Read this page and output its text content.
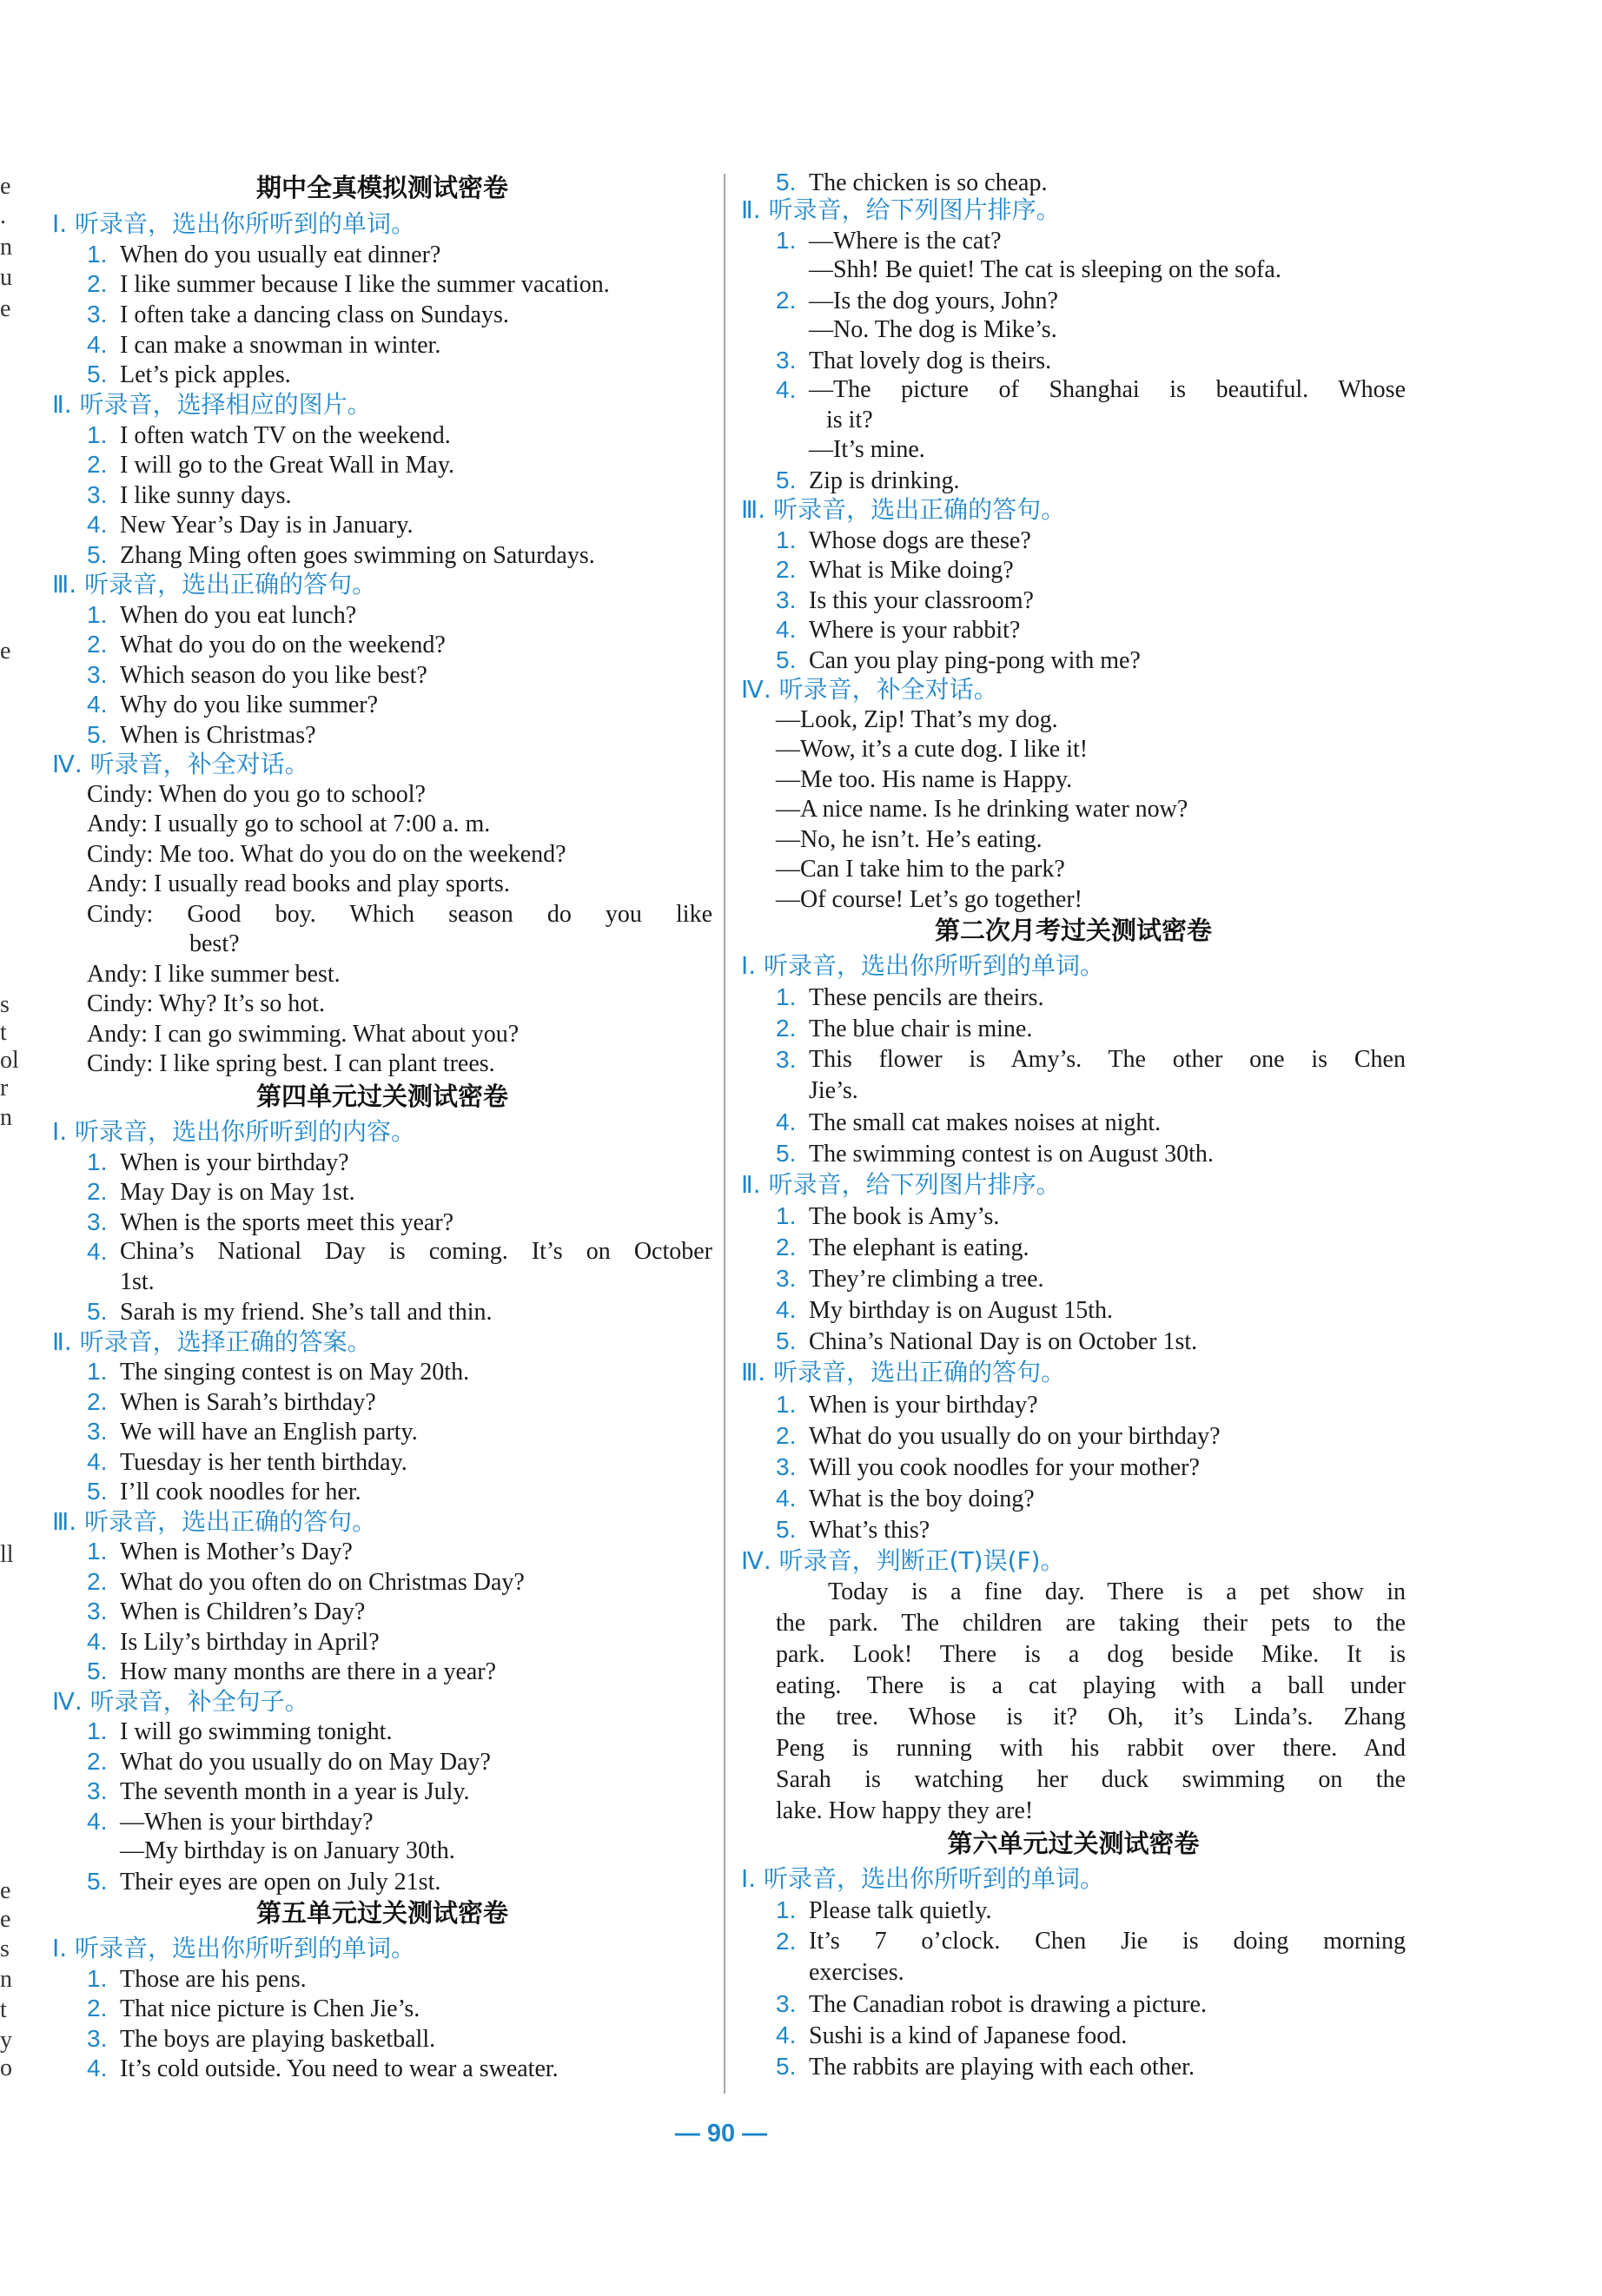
e
.
n
u
e
e
s
t
ol
r
n
ll
e
e
s
n
t
y
o
期中全真模拟测试密卷
Ⅰ. 听录音，选出你所听到的单词。
1. When do you usually eat dinner?
2. I like summer because I like the summer vacation.
3. I often take a dancing class on Sundays.
4. I can make a snowman in winter.
5. Let’s pick apples.
Ⅱ. 听录音，选择相应的图片。
1. I often watch TV on the weekend.
2. I will go to the Great Wall in May.
3. I like sunny days.
4. New Year’s Day is in January.
5. Zhang Ming often goes swimming on Saturdays.
Ⅲ. 听录音，选出正确的答句。
1. When do you eat lunch?
2. What do you do on the weekend?
3. Which season do you like best?
4. Why do you like summer?
5. When is Christmas?
Ⅳ. 听录音，补全对话。
Cindy: When do you go to school?
Andy: I usually go to school at 7:00 a. m.
Cindy: Me too. What do you do on the weekend?
Andy: I usually read books and play sports.
Cindy: Good boy. Which season do you like
best?
Andy: I like summer best.
Cindy: Why? It’s so hot.
Andy: I can go swimming. What about you?
Cindy: I like spring best. I can plant trees.
第四单元过关测试密卷
Ⅰ. 听录音，选出你所听到的内容。
1. When is your birthday?
2. May Day is on May 1st.
3. When is the sports meet this year?
4. China’s National Day is coming. It’s on October
1st.
5. Sarah is my friend. She’s tall and thin.
Ⅱ. 听录音，选择正确的答案。
1. The singing contest is on May 20th.
2. When is Sarah’s birthday?
3. We will have an English party.
4. Tuesday is her tenth birthday.
5. I’ll cook noodles for her.
Ⅲ. 听录音，选出正确的答句。
1. When is Mother’s Day?
2. What do you often do on Christmas Day?
3. When is Children’s Day?
4. Is Lily’s birthday in April?
5. How many months are there in a year?
Ⅳ. 听录音，补全句子。
1. I will go swimming tonight.
2. What do you usually do on May Day?
3. The seventh month in a year is July.
4. —When is your birthday?
—My birthday is on January 30th.
5. Their eyes are open on July 21st.
第五单元过关测试密卷
Ⅰ. 听录音，选出你所听到的单词。
1. Those are his pens.
2. That nice picture is Chen Jie’s.
3. The boys are playing basketball.
4. It’s cold outside. You need to wear a sweater.
5. The chicken is so cheap.
Ⅱ. 听录音，给下列图片排序。
1. —Where is the cat?
—Shh! Be quiet! The cat is sleeping on the sofa.
2. —Is the dog yours, John?
—No. The dog is Mike’s.
3. That lovely dog is theirs.
4. —The picture of Shanghai is beautiful. Whose
is it?
—It’s mine.
5. Zip is drinking.
Ⅲ. 听录音，选出正确的答句。
1. Whose dogs are these?
2. What is Mike doing?
3. Is this your classroom?
4. Where is your rabbit?
5. Can you play ping-pong with me?
Ⅳ. 听录音，补全对话。
—Look, Zip! That’s my dog.
—Wow, it’s a cute dog. I like it!
—Me too. His name is Happy.
—A nice name. Is he drinking water now?
—No, he isn’t. He’s eating.
—Can I take him to the park?
—Of course! Let’s go together!
第二次月考过关测试密卷
Ⅰ. 听录音，选出你所听到的单词。
1. These pencils are theirs.
2. The blue chair is mine.
3. This flower is Amy’s. The other one is Chen
Jie’s.
4. The small cat makes noises at night.
5. The swimming contest is on August 30th.
Ⅱ. 听录音，给下列图片排序。
1. The book is Amy’s.
2. The elephant is eating.
3. They’re climbing a tree.
4. My birthday is on August 15th.
5. China’s National Day is on October 1st.
Ⅲ. 听录音，选出正确的答句。
1. When is your birthday?
2. What do you usually do on your birthday?
3. Will you cook noodles for your mother?
4. What is the boy doing?
5. What’s this?
Ⅳ. 听录音，判断正(T)误(F)。
Today is a fine day. There is a pet show in
the park. The children are taking their pets to the
park. Look! There is a dog beside Mike. It is
eating. There is a cat playing with a ball under
the tree. Whose is it? Oh, it’s Linda’s. Zhang
Peng is running with his rabbit over there. And
Sarah is watching her duck swimming on the
lake. How happy they are!
第六单元过关测试密卷
Ⅰ. 听录音，选出你所听到的单词。
1. Please talk quietly.
2. It’s 7 o’clock. Chen Jie is doing morning
exercises.
3. The Canadian robot is drawing a picture.
4. Sushi is a kind of Japanese food.
5. The rabbits are playing with each other.
— 90 —
